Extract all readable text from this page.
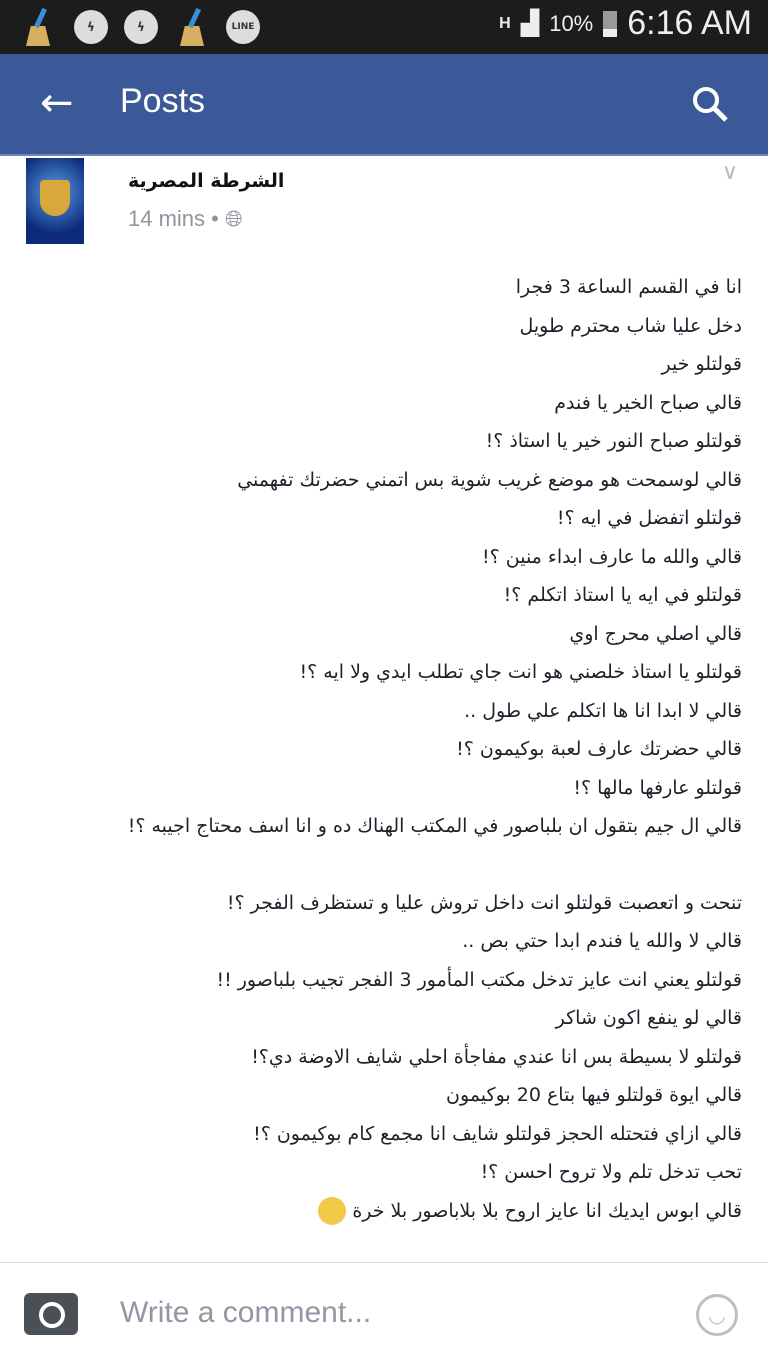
ϟ	ϟ	LINE	H ▟ 10% 6:16 AM
← Posts
الشرطة المصرية
14 mins • 🌐︎
∨
انا في القسم الساعة 3 فجرا
دخل عليا شاب محترم طويل
قولتلو خير
قالي صباح الخير يا فندم
قولتلو صباح النور خير يا استاذ ؟!
قالي لوسمحت هو موضع غريب شوية بس اتمني حضرتك تفهمني
قولتلو اتفضل في ايه ؟!
قالي والله ما عارف ابداء منين ؟!
قولتلو في ايه يا استاذ اتكلم ؟!
قالي اصلي محرج اوي
قولتلو يا استاذ خلصني هو انت جاي تطلب ايدي ولا ايه ؟!
قالي لا ابدا انا ها اتكلم علي طول ..
قالي حضرتك عارف لعبة بوكيمون ؟!
قولتلو عارفها مالها ؟!
قالي ال جيم بتقول ان بلباصور في المكتب الهناك ده و انا اسف محتاج اجيبه ؟!
تنحت و اتعصبت قولتلو انت داخل تروش عليا و تستظرف الفجر ؟!
قالي لا والله يا فندم ابدا حتي بص ..
قولتلو يعني انت عايز تدخل مكتب المأمور 3 الفجر تجيب بلباصور !!
قالي لو ينفع اكون شاكر
قولتلو لا بسيطة بس انا عندي مفاجأة احلي شايف الاوضة دي؟!
قالي ايوة قولتلو فيها بتاع 20 بوكيمون
قالي ازاي فتحتله الحجز قولتلو شايف انا مجمع كام بوكيمون ؟!
تحب تدخل تلم ولا تروح احسن ؟!
قالي ابوس ايديك انا عايز اروح بلا بلاباصور بلا خرة
Write a comment...	◡
